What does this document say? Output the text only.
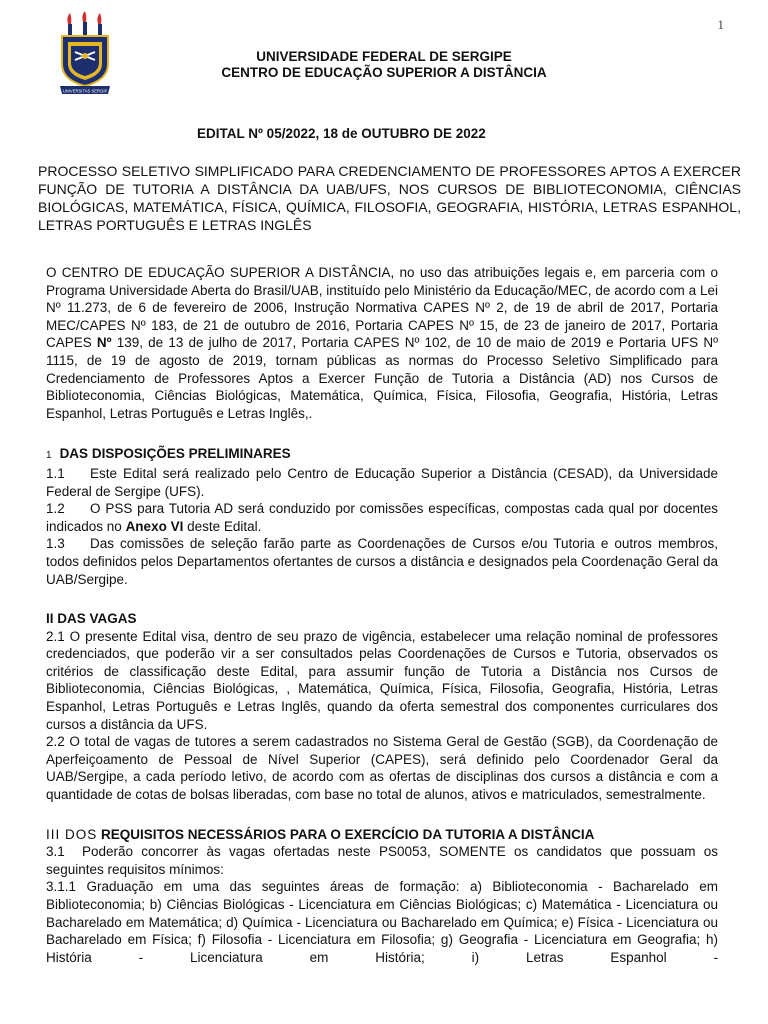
1
UNIVERSITAS SERGIP
UNIVERSIDADE FEDERAL DE SERGIPE
CENTRO DE EDUCAÇÃO SUPERIOR A DISTÂNCIA
EDITAL Nº 05/2022, 18 de OUTUBRO DE 2022
PROCESSO SELETIVO SIMPLIFICADO PARA CREDENCIAMENTO DE PROFESSORES APTOS A EXERCER FUNÇÃO DE TUTORIA A DISTÂNCIA DA UAB/UFS, NOS CURSOS DE BIBLIOTECONOMIA, CIÊNCIAS BIOLÓGICAS, MATEMÁTICA, FÍSICA, QUÍMICA, FILOSOFIA, GEOGRAFIA, HISTÓRIA, LETRAS ESPANHOL, LETRAS PORTUGUÊS E LETRAS INGLÊS

O CENTRO DE EDUCAÇÃO SUPERIOR A DISTÂNCIA, no uso das atribuições legais e, em parceria com o Programa Universidade Aberta do Brasil/UAB, instituído pelo Ministério da Educação/MEC, de acordo com a Lei Nº 11.273, de 6 de fevereiro de 2006, Instrução Normativa CAPES Nº 2, de 19 de abril de 2017, Portaria MEC/CAPES Nº 183, de 21 de outubro de 2016, Portaria CAPES Nº 15, de 23 de janeiro de 2017, Portaria CAPES Nº 139, de 13 de julho de 2017, Portaria CAPES Nº 102, de 10 de maio de 2019 e Portaria UFS Nº 1115, de 19 de agosto de 2019, tornam públicas as normas do Processo Seletivo Simplificado para Credenciamento de Professores Aptos a Exercer Função de Tutoria a Distância (AD) nos Cursos de Biblioteconomia, Ciências Biológicas, Matemática, Química, Física, Filosofia, Geografia, História, Letras Espanhol, Letras Português e Letras Inglês,.

1 DAS DISPOSIÇÕES PRELIMINARES

1.1 Este Edital será realizado pelo Centro de Educação Superior a Distância (CESAD), da Universidade Federal de Sergipe (UFS).

1.2 O PSS para Tutoria AD será conduzido por comissões específicas, compostas cada qual por docentes indicados no Anexo VI deste Edital.

1.3 Das comissões de seleção farão parte as Coordenações de Cursos e/ou Tutoria e outros membros, todos definidos pelos Departamentos ofertantes de cursos a distância e designados pela Coordenação Geral da UAB/Sergipe.

II DAS VAGAS

2.1 O presente Edital visa, dentro de seu prazo de vigência, estabelecer uma relação nominal de professores credenciados, que poderão vir a ser consultados pelas Coordenações de Cursos e Tutoria, observados os critérios de classificação deste Edital, para assumir função de Tutoria a Distância nos Cursos de Biblioteconomia, Ciências Biológicas, , Matemática, Química, Física, Filosofia, Geografia, História, Letras Espanhol, Letras Português e Letras Inglês, quando da oferta semestral dos componentes curriculares dos cursos a distância da UFS.

2.2 O total de vagas de tutores a serem cadastrados no Sistema Geral de Gestão (SGB), da Coordenação de Aperfeiçoamento de Pessoal de Nível Superior (CAPES), será definido pelo Coordenador Geral da UAB/Sergipe, a cada período letivo, de acordo com as ofertas de disciplinas dos cursos a distância e com a quantidade de cotas de bolsas liberadas, com base no total de alunos, ativos e matriculados, semestralmente.

III DOS REQUISITOS NECESSÁRIOS PARA O EXERCÍCIO DA TUTORIA A DISTÂNCIA

3.1 Poderão concorrer às vagas ofertadas neste PS0053, SOMENTE os candidatos que possuam os seguintes requisitos mínimos:

3.1.1 Graduação em uma das seguintes áreas de formação: a) Biblioteconomia - Bacharelado em Biblioteconomia; b) Ciências Biológicas - Licenciatura em Ciências Biológicas; c) Matemática - Licenciatura ou Bacharelado em Matemática; d) Química - Licenciatura ou Bacharelado em Química; e) Física - Licenciatura ou Bacharelado em Física; f) Filosofia - Licenciatura em Filosofia; g) Geografia - Licenciatura em Geografia; h) História - Licenciatura em História; i) Letras Espanhol -
